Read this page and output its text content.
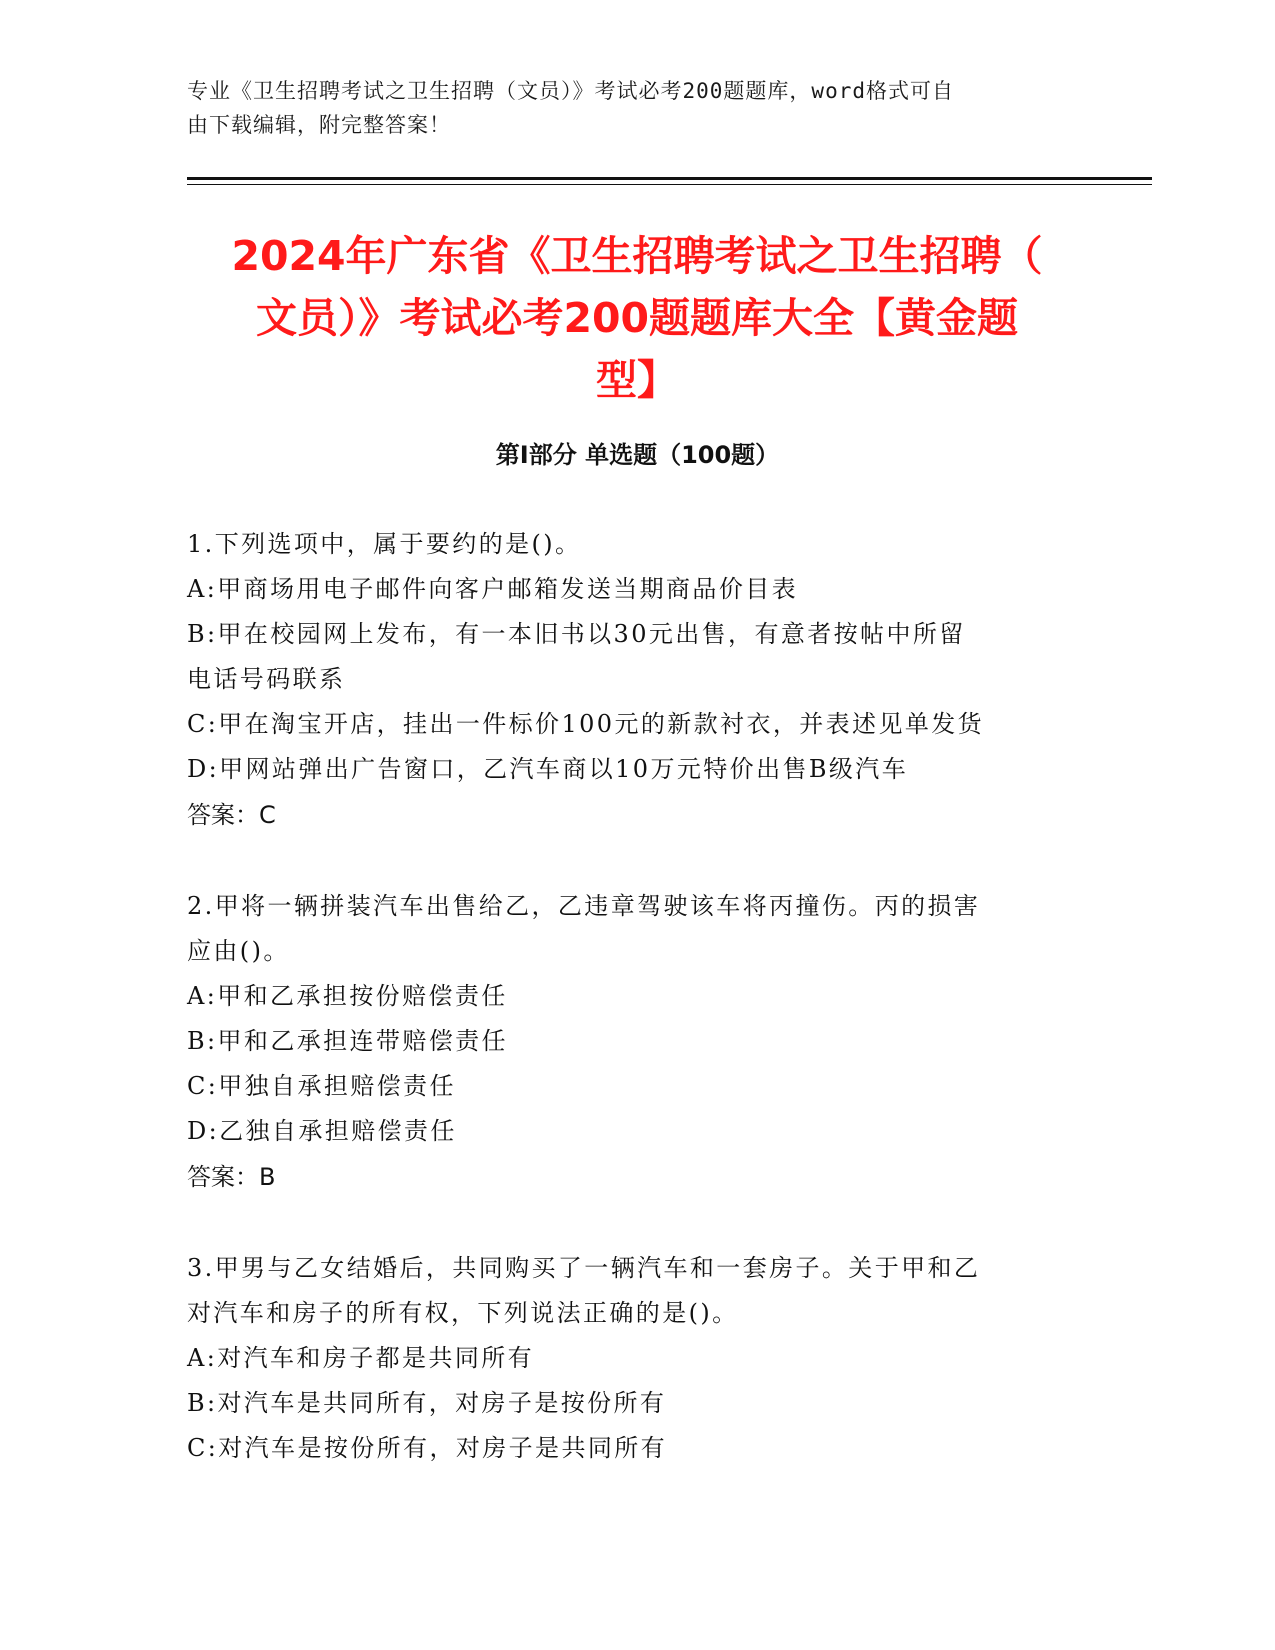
专业《卫生招聘考试之卫生招聘（文员）》考试必考200题题库，word格式可自
由下载编辑，附完整答案！
2024年广东省《卫生招聘考试之卫生招聘（
文员）》考试必考200题题库大全【黄金题
型】
第Ⅰ部分 单选题（100题）
1.下列选项中，属于要约的是()。
A:甲商场用电子邮件向客户邮箱发送当期商品价目表
B:甲在校园网上发布，有一本旧书以30元出售，有意者按帖中所留
电话号码联系
C:甲在淘宝开店，挂出一件标价100元的新款衬衣，并表述见单发货
D:甲网站弹出广告窗口，乙汽车商以10万元特价出售B级汽车
答案：C
2.甲将一辆拼装汽车出售给乙，乙违章驾驶该车将丙撞伤。丙的损害
应由()。
A:甲和乙承担按份赔偿责任
B:甲和乙承担连带赔偿责任
C:甲独自承担赔偿责任
D:乙独自承担赔偿责任
答案：B
3.甲男与乙女结婚后，共同购买了一辆汽车和一套房子。关于甲和乙
对汽车和房子的所有权，下列说法正确的是()。
A:对汽车和房子都是共同所有
B:对汽车是共同所有，对房子是按份所有
C:对汽车是按份所有，对房子是共同所有
